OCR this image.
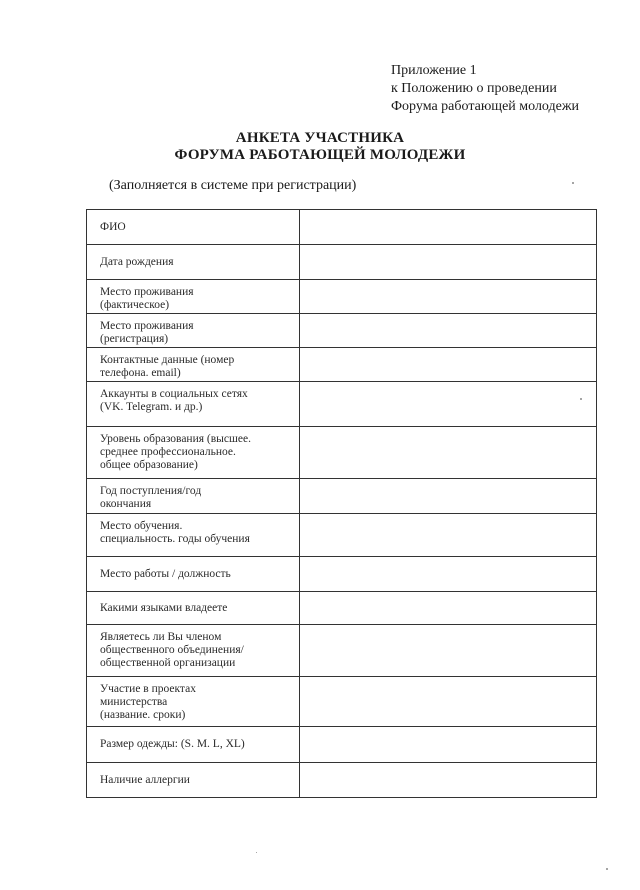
Приложение 1
к Положению о проведении
Форума работающей молодежи
АНКЕТА УЧАСТНИКА
ФОРУМА РАБОТАЮЩЕЙ МОЛОДЕЖИ
(Заполняется в системе при регистрации)
ФИО	

Дата рождения	

Место проживания
(фактическое)	

Место проживания
(регистрация)	

Контактные данные (номер
телефона. email)	

Аккаунты в социальных сетях
(VK. Telegram. и др.)	

Уровень образования (высшее.
среднее профессиональное.
общее образование)	

Год поступления/год
окончания	

Место обучения.
специальность. годы обучения	

Место работы / должность	

Какими языками владеете	

Являетесь ли Вы членом
общественного объединения/
общественной организации	

Участие в проектах
министерства
(название. сроки)	

Размер одежды: (S. M. L, XL)	

Наличие аллергии	
